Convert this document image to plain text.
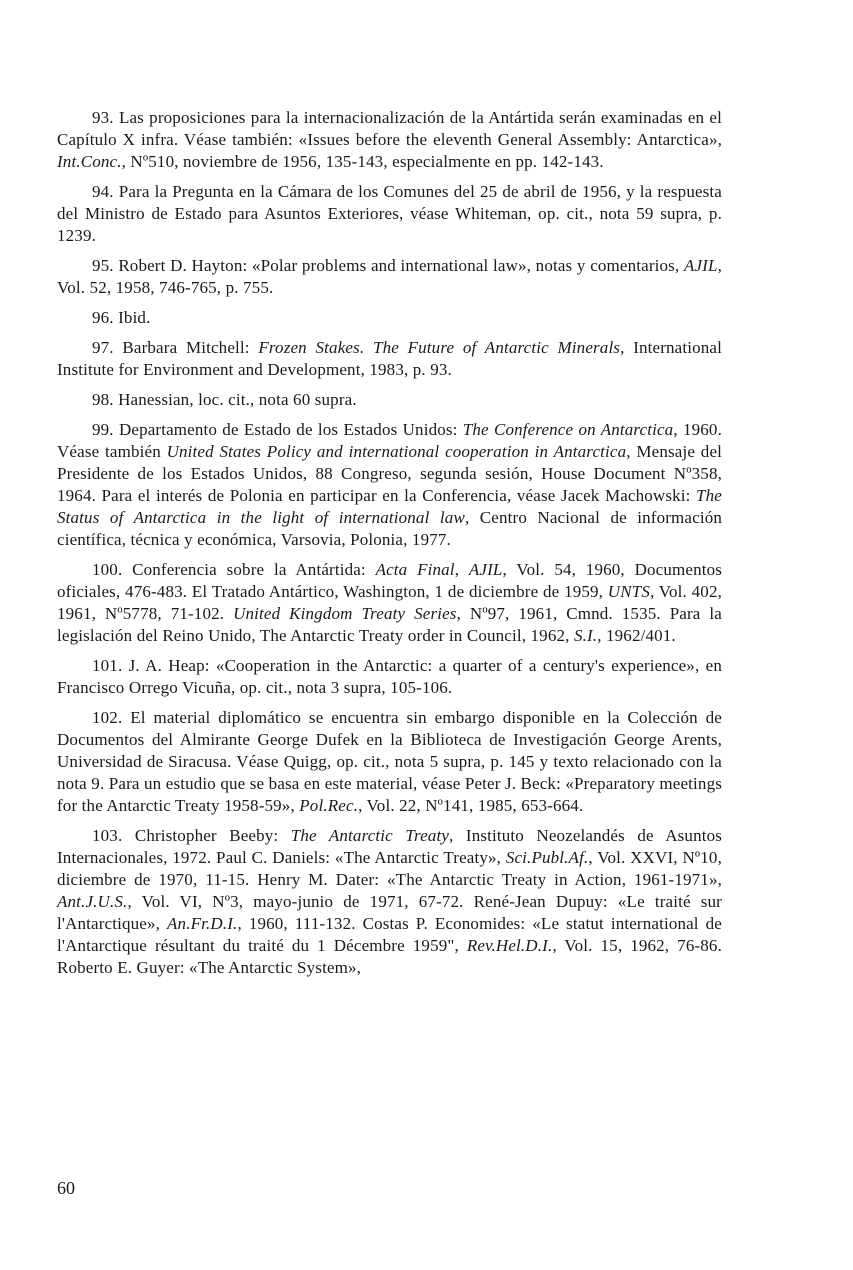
93. Las proposiciones para la internacionalización de la Antártida serán examinadas en el Capítulo X infra. Véase también: «Issues before the eleventh General Assembly: Antarctica», Int.Conc., Nº510, noviembre de 1956, 135-143, especialmente en pp. 142-143.

94. Para la Pregunta en la Cámara de los Comunes del 25 de abril de 1956, y la respuesta del Ministro de Estado para Asuntos Exteriores, véase Whiteman, op. cit., nota 59 supra, p. 1239.

95. Robert D. Hayton: «Polar problems and international law», notas y comentarios, AJIL, Vol. 52, 1958, 746-765, p. 755.

96. Ibid.

97. Barbara Mitchell: Frozen Stakes. The Future of Antarctic Minerals, International Institute for Environment and Development, 1983, p. 93.

98. Hanessian, loc. cit., nota 60 supra.

99. Departamento de Estado de los Estados Unidos: The Conference on Antarctica, 1960. Véase también United States Policy and international cooperation in Antarctica, Mensaje del Presidente de los Estados Unidos, 88 Congreso, segunda sesión, House Document Nº358, 1964. Para el interés de Polonia en participar en la Conferencia, véase Jacek Machowski: The Status of Antarctica in the light of international law, Centro Nacional de información científica, técnica y económica, Varsovia, Polonia, 1977.

100. Conferencia sobre la Antártida: Acta Final, AJIL, Vol. 54, 1960, Documentos oficiales, 476-483. El Tratado Antártico, Washington, 1 de diciembre de 1959, UNTS, Vol. 402, 1961, Nº5778, 71-102. United Kingdom Treaty Series, Nº97, 1961, Cmnd. 1535. Para la legislación del Reino Unido, The Antarctic Treaty order in Council, 1962, S.I., 1962/401.

101. J. A. Heap: «Cooperation in the Antarctic: a quarter of a century's experience», en Francisco Orrego Vicuña, op. cit., nota 3 supra, 105-106.

102. El material diplomático se encuentra sin embargo disponible en la Colección de Documentos del Almirante George Dufek en la Biblioteca de Investigación George Arents, Universidad de Siracusa. Véase Quigg, op. cit., nota 5 supra, p. 145 y texto relacionado con la nota 9. Para un estudio que se basa en este material, véase Peter J. Beck: «Preparatory meetings for the Antarctic Treaty 1958-59», Pol.Rec., Vol. 22, Nº141, 1985, 653-664.

103. Christopher Beeby: The Antarctic Treaty, Instituto Neozelandés de Asuntos Internacionales, 1972. Paul C. Daniels: «The Antarctic Treaty», Sci.Publ.Af., Vol. XXVI, Nº10, diciembre de 1970, 11-15. Henry M. Dater: «The Antarctic Treaty in Action, 1961-1971», Ant.J.U.S., Vol. VI, Nº3, mayo-junio de 1971, 67-72. René-Jean Dupuy: «Le traité sur l'Antarctique», An.Fr.D.I., 1960, 111-132. Costas P. Economides: «Le statut international de l'Antarctique résultant du traité du 1 Décembre 1959", Rev.Hel.D.I., Vol. 15, 1962, 76-86. Roberto E. Guyer: «The Antarctic System»,

60
